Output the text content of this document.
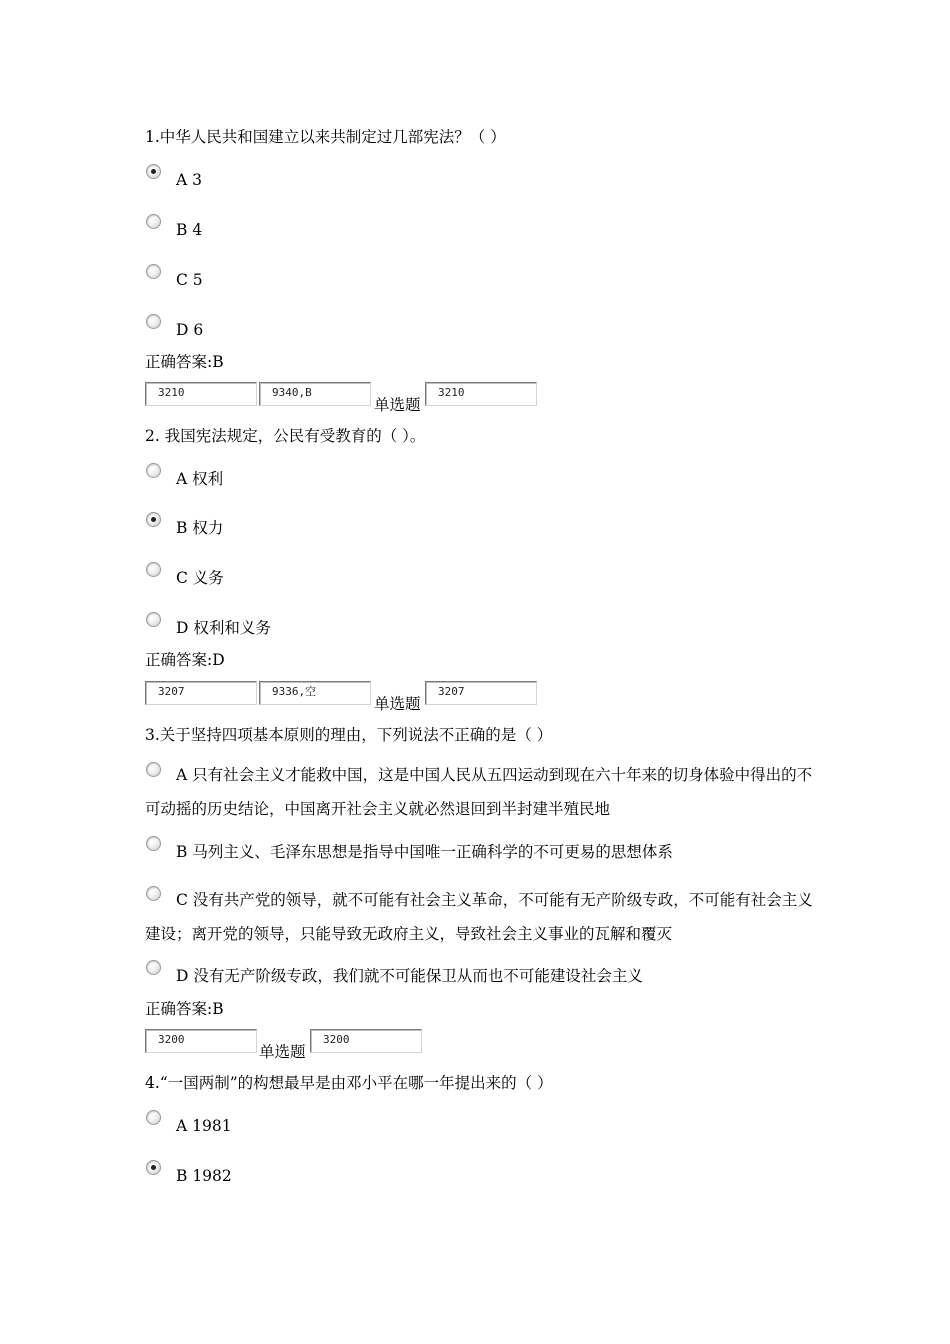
1.中华人民共和国建立以来共制定过几部宪法？（ ）
A 3
B 4
C 5
D 6
正确答案:B
3210	9340,B
单选题
3210
2. 我国宪法规定，公民有受教育的（ ）。
A 权利
B 权力
C 义务
D 权利和义务
正确答案:D
3207	9336,空
单选题
3207
3.关于坚持四项基本原则的理由，下列说法不正确的是（ ）
A 只有社会主义才能救中国，这是中国人民从五四运动到现在六十年来的切身体验中得出的不可动摇的历史结论，中国离开社会主义就必然退回到半封建半殖民地
B 马列主义、毛泽东思想是指导中国唯一正确科学的不可更易的思想体系
C 没有共产党的领导，就不可能有社会主义革命，不可能有无产阶级专政，不可能有社会主义建设；离开党的领导，只能导致无政府主义，导致社会主义事业的瓦解和覆灭
D 没有无产阶级专政，我们就不可能保卫从而也不可能建设社会主义
正确答案:B
3200
单选题
3200
4.“一国两制”的构想最早是由邓小平在哪一年提出来的（ ）
A 1981
B 1982
